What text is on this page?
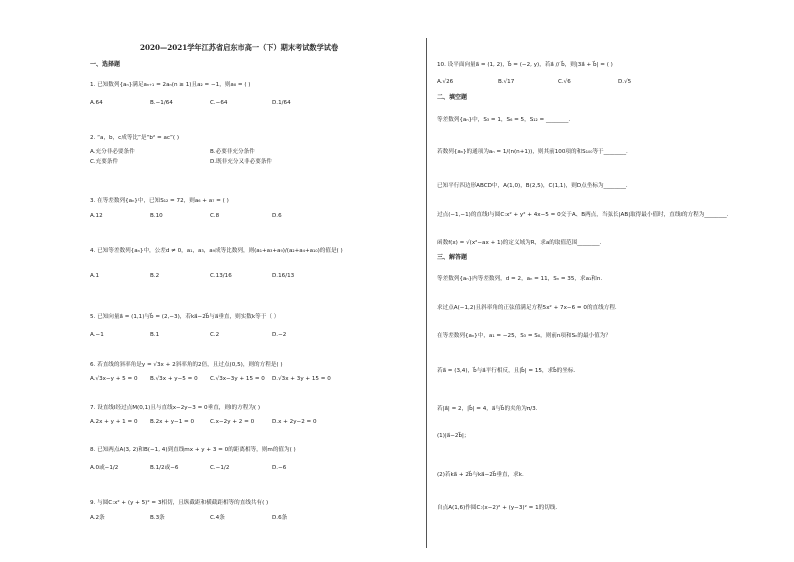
2020—2021学年江苏省启东市高一（下）期末考试数学试卷
一、选择题
1. 已知数列{aₙ}满足aₙ₊₁ = 2aₙ(n ≥ 1)且a₂ = −1，则a₈ = ( )
A.64	B.−1/64	C.−64	D.1/64
2. “a，b，c成等比”是“b² = ac”( )
A.充分非必要条件	B.必要非充分条件
C.充要条件	D.既非充分又非必要条件
3. 在等差数列{aₙ}中，已知S₁₂ = 72，则a₆ + a₇ = ( )
A.12	B.10	C.8	D.6
4. 已知等差数列{aₙ}中，公差d ≠ 0，a₁，a₃，a₉成等比数列，则(a₁+a₃+a₉)/(a₂+a₄+a₁₀)的值是( )
A.1	B.2	C.13/16	D.16/13
5. 已知向量a⃗ = (1,1)与b⃗ = (2,−3)，若ka⃗−2b⃗与a⃗垂直，则实数k等于（ ）
A.−1	B.1	C.2	D.−2
6. 若直线的斜率角是y = √3x + 2斜率角的2倍，且过点(0,5)，则的方程是( )
A.√3x−y + 5 = 0 B.√3x + y−5 = 0 C.√3x−3y + 15 = 0 D.√3x + 3y + 15 = 0
7. 设直线l经过点M(0,1)且与直线x−2y−3 = 0垂直，则l的方程为( )
A.2x + y + 1 = 0 B.2x + y−1 = 0	C.x−2y + 2 = 0	D.x + 2y−2 = 0
8. 已知两点A(3, 2)和B(−1, 4)到直线mx + y + 3 = 0的距离相等，则m的值为( )
A.0或−1/2	B.1/2或−6	C.−1/2	D.−6
9. 与圆C:x² + (y + 5)² = 3相切，且纵截距和横截距相等的直线共有( )
A.2条	B.3条	C.4条	D.6条
10. 设平面向量a⃗ = (1, 2)，b⃗ = (−2, y)，若a⃗ // b⃗，则|3a⃗ + b⃗| = ( )
A.√26	B.√17	C.√6	D.√5
二、填空题
等差数列{aₙ}中，S₃ = 1，S₆ = 5，S₁₂ = ________.
若数列{aₙ}的通项为aₙ = 1/(n(n+1))，则其前100项的和S₁₀₀等于________.
已知平行四边形ABCD中，A(1,0)，B(2,5)，C(1,1)，则D点坐标为________.
过点(−1,−1)的直线l与圆C:x² + y² + 4x−5 = 0交于A、B两点，当弦长|AB|取得最小值时，直线l的方程为________.
函数f(x) = √(x²−ax + 1)的定义域为R，求a的取值范围________.
三、解答题
等差数列{aₙ}内等差数列，d = 2，aₙ = 11，Sₙ = 35，求a₁和n.
求过点A(−1,2)且斜率角的正弦值满足方程5x² + 7x−6 = 0的直线方程.
在等差数列{aₙ}中，a₁ = −25，S₃ = S₈，则前n项和Sₙ的最小值为？
若a⃗ = (3,4)，b⃗与a⃗平行相反，且|b⃗| = 15，求b⃗的坐标.
若|a⃗| = 2，|b⃗| = 4，a⃗与b⃗的夹角为π/3.
(1)|a⃗−2b⃗|；
(2)若ka⃗ + 2b⃗与ka⃗−2b⃗垂直，求k.
自点A(1,6)作圆C:(x−2)² + (y−3)² = 1的切线.
